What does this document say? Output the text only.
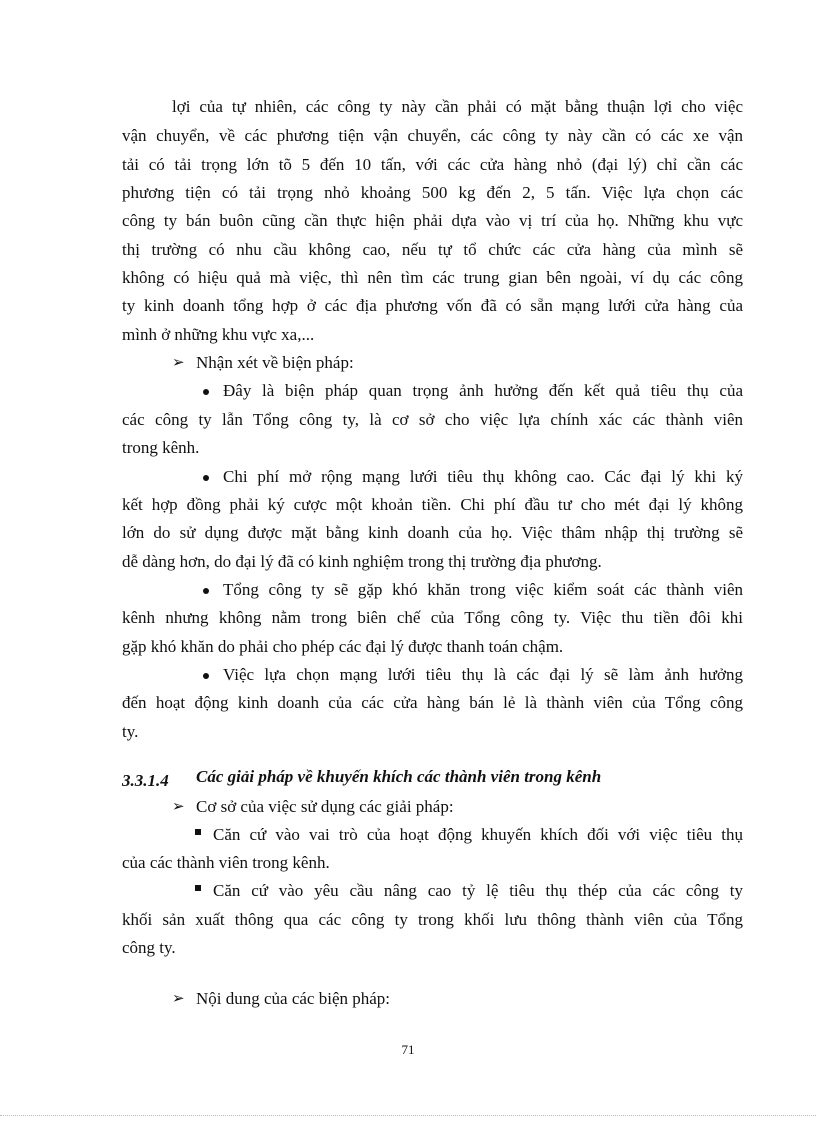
lợi của tự nhiên, các công ty này cần phải có mặt bằng thuận lợi cho việc
vận chuyển, về các phương tiện vận chuyển, các công ty này cần có các xe vận
tải có tải trọng lớn tõ 5 đến 10 tấn, với các cửa hàng nhỏ (đại lý) chỉ cần các
phương tiện có tải trọng nhỏ khoảng 500 kg đến 2, 5 tấn. Việc lựa chọn các
công ty bán buôn cũng cần thực hiện phải dựa vào vị trí của họ. Những khu vực
thị trường có nhu cầu không cao, nếu tự tổ chức các cửa hàng của mình sẽ
không có hiệu quả mà việc, thì nên tìm các trung gian bên ngoài, ví dụ các công
ty kinh doanh tổng hợp ở các địa phương vốn đã có sẵn mạng lưới cửa hàng của
mình ở những khu vực xa,...
➢ Nhận xét về biện pháp:
Đây là biện pháp quan trọng ảnh hưởng đến kết quả tiêu thụ của
các công ty lẫn Tổng công ty, là cơ sở cho việc lựa chính xác các thành viên
trong kênh.
Chi phí mở rộng mạng lưới tiêu thụ không cao. Các đại lý khi ký
kết hợp đồng phải ký cược một khoản tiền. Chi phí đầu tư cho mét đại lý không
lớn do sử dụng được mặt bằng kinh doanh của họ. Việc thâm nhập thị trường sẽ
dễ dàng hơn, do đại lý đã có kinh nghiệm trong thị trường địa phương.
Tổng công ty sẽ gặp khó khăn trong việc kiểm soát các thành viên
kênh nhưng không nằm trong biên chế của Tổng công ty. Việc thu tiền đôi khi
gặp khó khăn do phải cho phép các đại lý được thanh toán chậm.
Việc lựa chọn mạng lưới tiêu thụ là các đại lý sẽ làm ảnh hưởng
đến hoạt động kinh doanh của các cửa hàng bán lẻ là thành viên của Tổng công
ty.
3.3.1.4 Các giải pháp về khuyến khích các thành viên trong kênh
➢ Cơ sở của việc sử dụng các giải pháp:
Căn cứ vào vai trò của hoạt động khuyến khích đối với việc tiêu thụ
của các thành viên trong kênh.
Căn cứ vào yêu cầu nâng cao tỷ lệ tiêu thụ thép của các công ty
khối sản xuất thông qua các công ty trong khối lưu thông thành viên của Tổng
công ty.
➢ Nội dung của các biện pháp:
71
